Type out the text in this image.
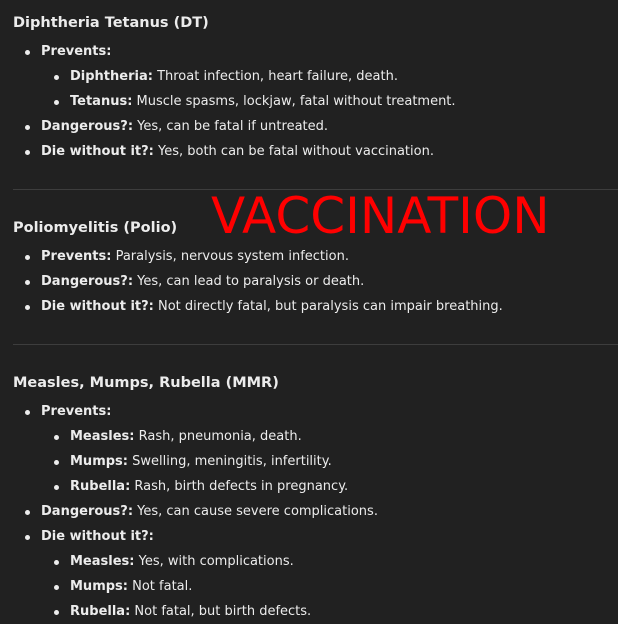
Diphtheria Tetanus (DT)
Prevents:
Diphtheria: Throat infection, heart failure, death.
Tetanus: Muscle spasms, lockjaw, fatal without treatment.
Dangerous?: Yes, can be fatal if untreated.
Die without it?: Yes, both can be fatal without vaccination.
Poliomyelitis (Polio)
Prevents: Paralysis, nervous system infection.
Dangerous?: Yes, can lead to paralysis or death.
Die without it?: Not directly fatal, but paralysis can impair breathing.
Measles, Mumps, Rubella (MMR)
Prevents:
Measles: Rash, pneumonia, death.
Mumps: Swelling, meningitis, infertility.
Rubella: Rash, birth defects in pregnancy.
Dangerous?: Yes, can cause severe complications.
Die without it?:
Measles: Yes, with complications.
Mumps: Not fatal.
Rubella: Not fatal, but birth defects.
VACCINATION
